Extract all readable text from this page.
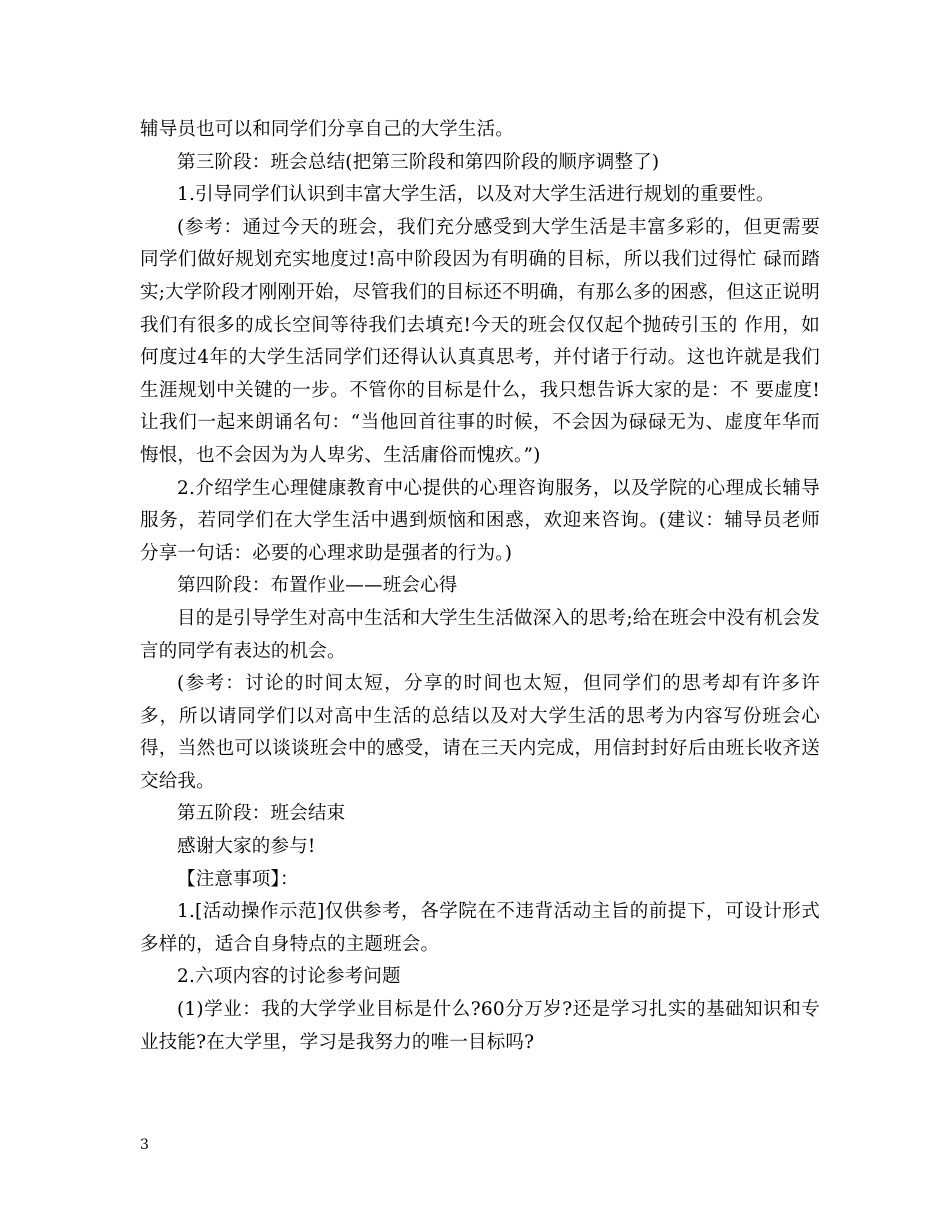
辅导员也可以和同学们分享自己的大学生活。

第三阶段：班会总结(把第三阶段和第四阶段的顺序调整了)

1.引导同学们认识到丰富大学生活，以及对大学生活进行规划的重要性。

(参考：通过今天的班会，我们充分感受到大学生活是丰富多彩的，但更需要同学们做好规划充实地度过!高中阶段因为有明确的目标，所以我们过得忙 碌而踏实;大学阶段才刚刚开始，尽管我们的目标还不明确，有那么多的困惑，但这正说明我们有很多的成长空间等待我们去填充!今天的班会仅仅起个抛砖引玉的 作用，如何度过4年的大学生活同学们还得认认真真思考，并付诸于行动。这也许就是我们生涯规划中关键的一步。不管你的目标是什么，我只想告诉大家的是：不 要虚度!让我们一起来朗诵名句：“当他回首往事的时候，不会因为碌碌无为、虚度年华而悔恨，也不会因为为人卑劣、生活庸俗而愧疚。”)

2.介绍学生心理健康教育中心提供的心理咨询服务，以及学院的心理成长辅导服务，若同学们在大学生活中遇到烦恼和困惑，欢迎来咨询。(建议：辅导员老师分享一句话：必要的心理求助是强者的行为。)

第四阶段：布置作业——班会心得

目的是引导学生对高中生活和大学生生活做深入的思考;给在班会中没有机会发言的同学有表达的机会。

(参考：讨论的时间太短，分享的时间也太短，但同学们的思考却有许多许多，所以请同学们以对高中生活的总结以及对大学生活的思考为内容写份班会心得，当然也可以谈谈班会中的感受，请在三天内完成，用信封封好后由班长收齐送交给我。

第五阶段：班会结束

感谢大家的参与!

【注意事项】：

1.[活动操作示范]仅供参考，各学院在不违背活动主旨的前提下，可设计形式多样的，适合自身特点的主题班会。

2.六项内容的讨论参考问题

(1)学业：我的大学学业目标是什么?60分万岁?还是学习扎实的基础知识和专业技能?在大学里，学习是我努力的唯一目标吗?

3
